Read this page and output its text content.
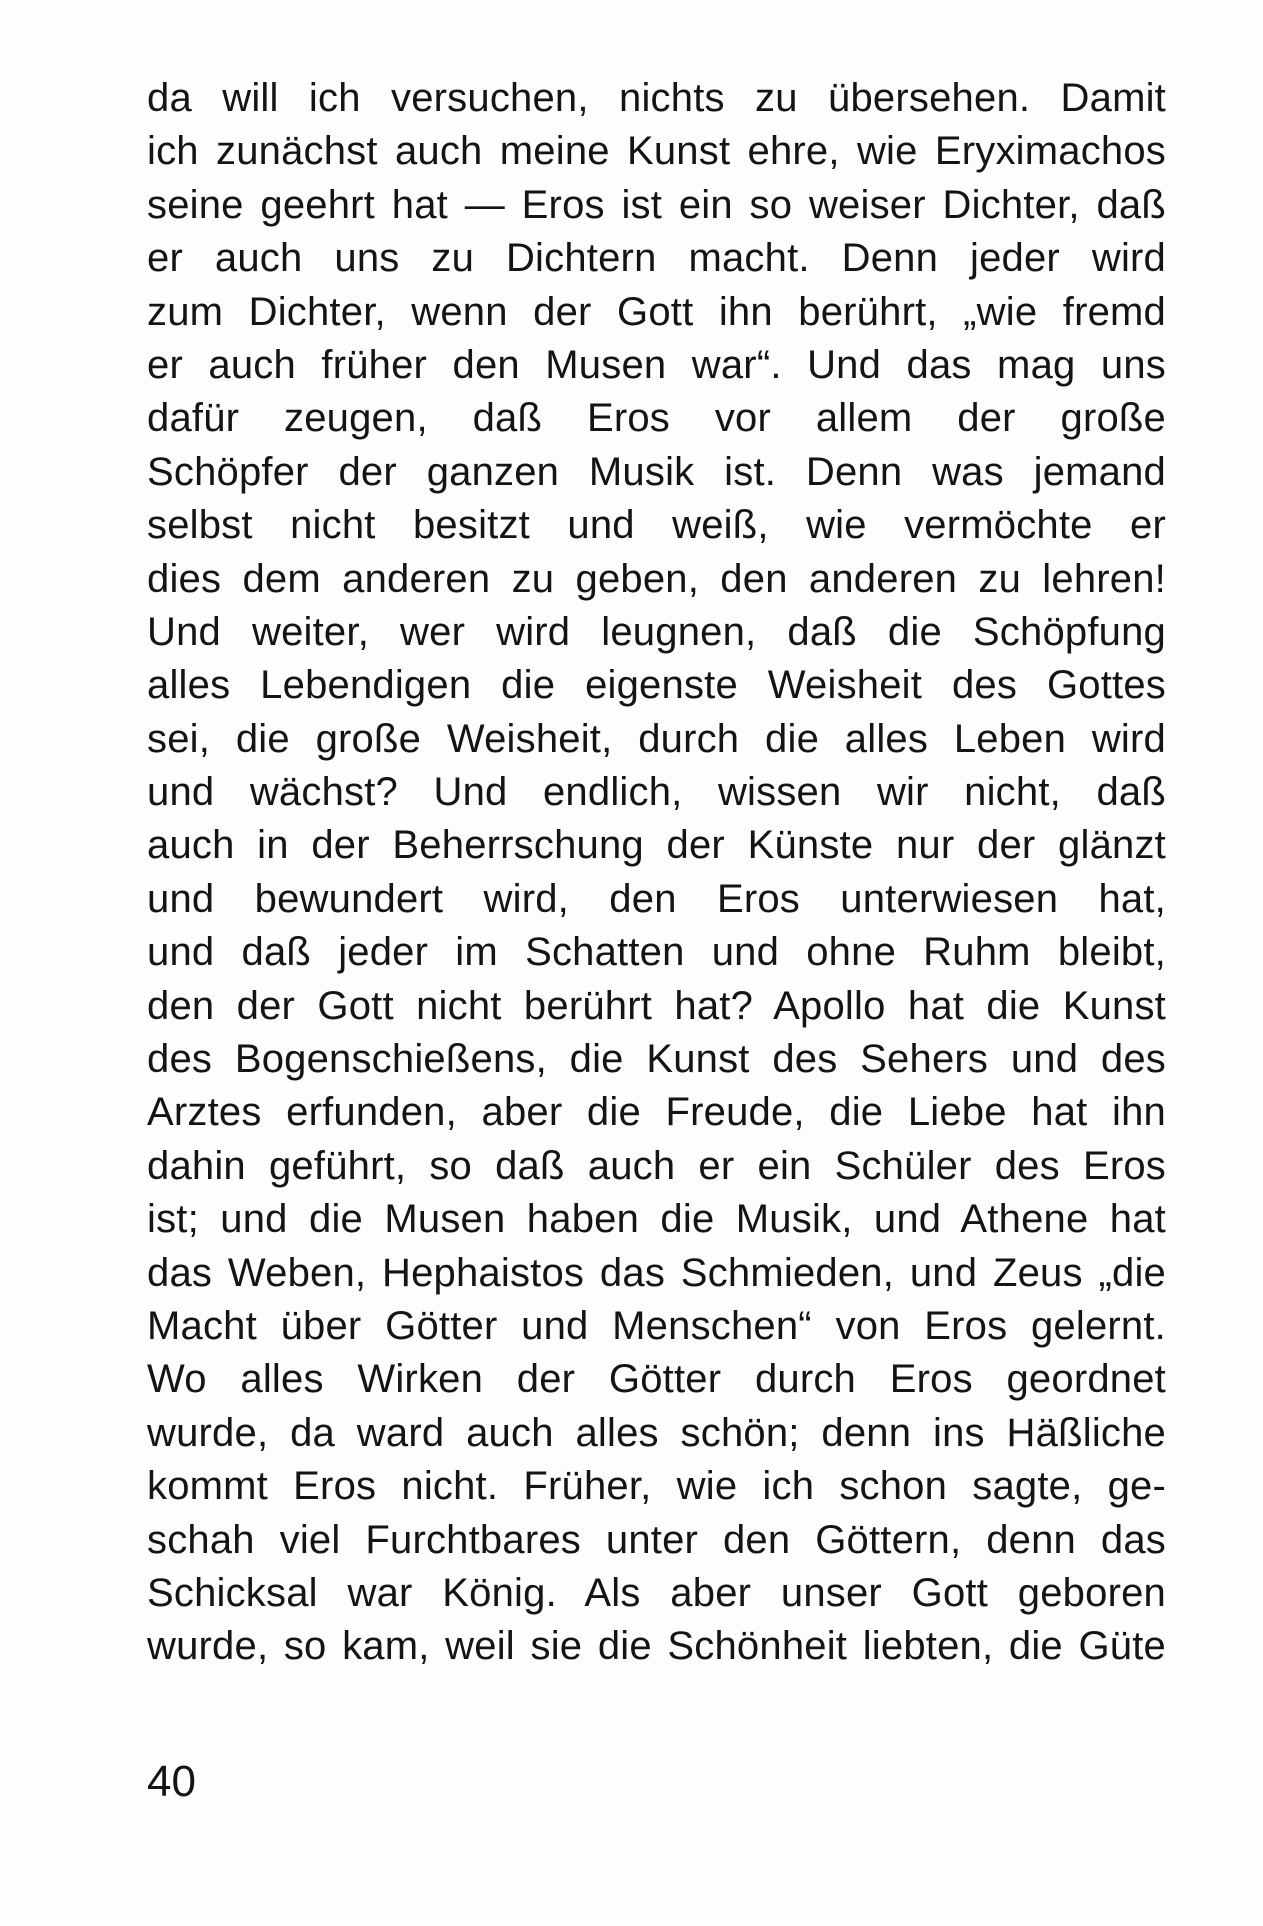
da will ich versuchen, nichts zu übersehen. Damit
ich zunächst auch meine Kunst ehre, wie Eryximachos
seine geehrt hat — Eros ist ein so weiser Dichter, daß
er auch uns zu Dichtern macht. Denn jeder wird
zum Dichter, wenn der Gott ihn berührt, „wie fremd
er auch früher den Musen war“. Und das mag uns
dafür zeugen, daß Eros vor allem der große
Schöpfer der ganzen Musik ist. Denn was jemand
selbst nicht besitzt und weiß, wie vermöchte er
dies dem anderen zu geben, den anderen zu lehren!
Und weiter, wer wird leugnen, daß die Schöpfung
alles Lebendigen die eigenste Weisheit des Gottes
sei, die große Weisheit, durch die alles Leben wird
und wächst? Und endlich, wissen wir nicht, daß
auch in der Beherrschung der Künste nur der glänzt
und bewundert wird, den Eros unterwiesen hat,
und daß jeder im Schatten und ohne Ruhm bleibt,
den der Gott nicht berührt hat? Apollo hat die Kunst
des Bogenschießens, die Kunst des Sehers und des
Arztes erfunden, aber die Freude, die Liebe hat ihn
dahin geführt, so daß auch er ein Schüler des Eros
ist; und die Musen haben die Musik, und Athene hat
das Weben, Hephaistos das Schmieden, und Zeus „die
Macht über Götter und Menschen“ von Eros gelernt.
Wo alles Wirken der Götter durch Eros geordnet
wurde, da ward auch alles schön; denn ins Häßliche
kommt Eros nicht. Früher, wie ich schon sagte, ge-
schah viel Furchtbares unter den Göttern, denn das
Schicksal war König. Als aber unser Gott geboren
wurde, so kam, weil sie die Schönheit liebten, die Güte
40
